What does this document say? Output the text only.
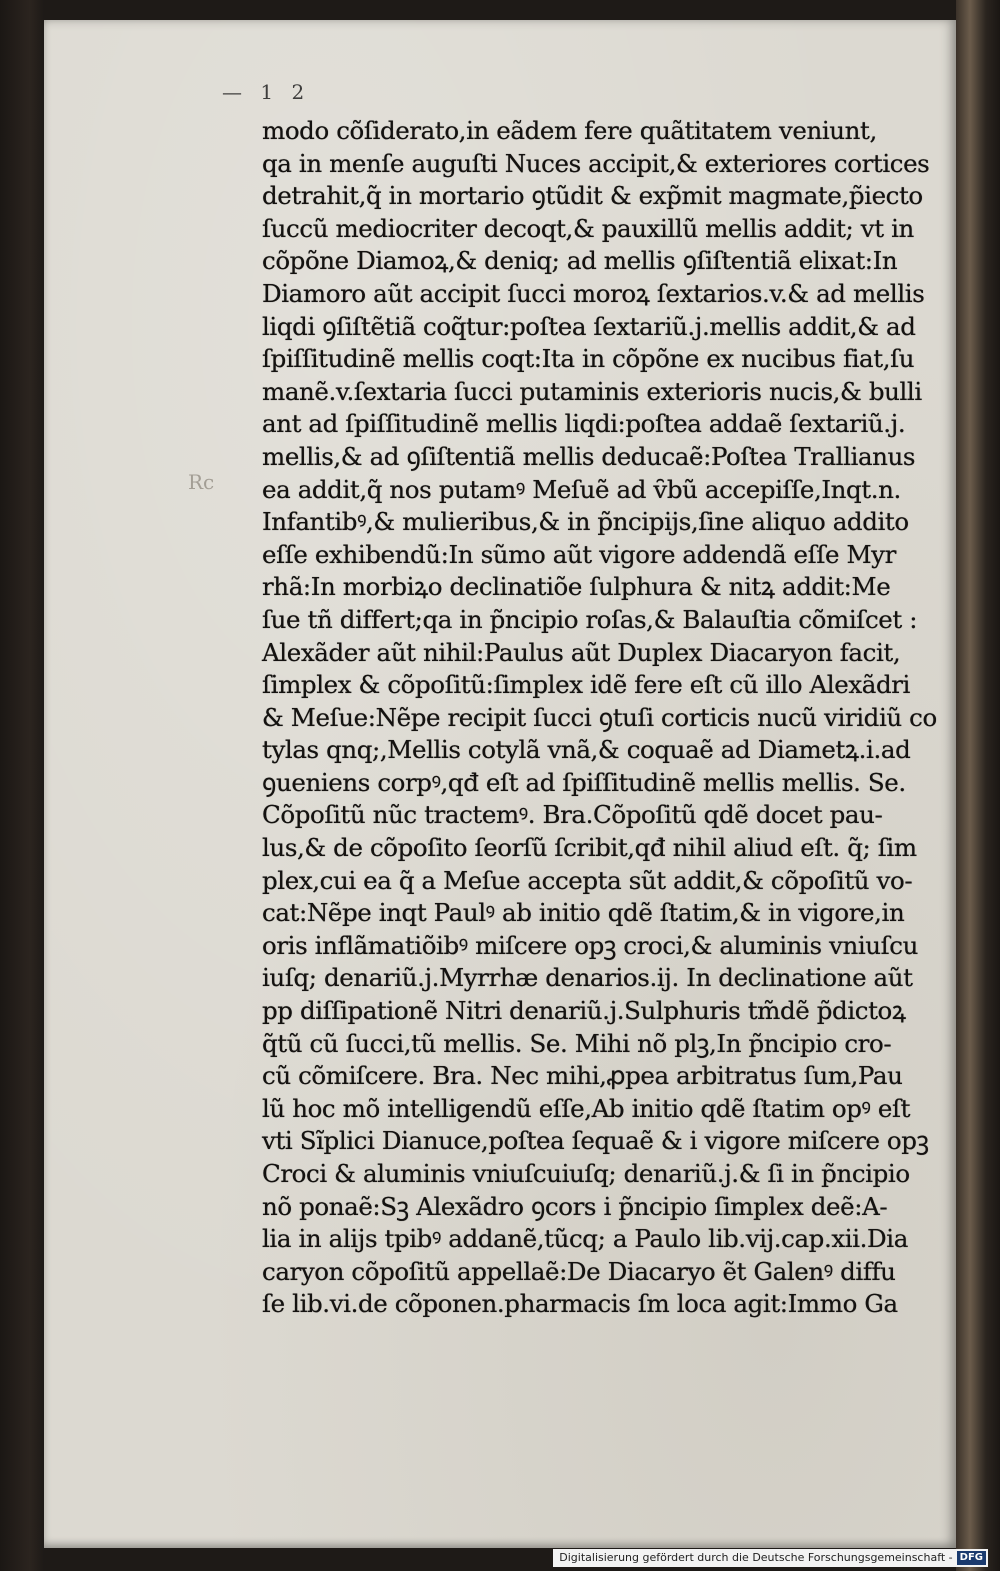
— 1 2
Rc
modo cõſiderato,in eãdem fere quãtitatem veniunt,
qa in menſe auguſti Nuces accipit,& exteriores cortices
detrahit,q̃ in mortario ꝯtũdit & exp̃mit magmate,p̃iecto
ſuccũ mediocriter decoqt,& pauxillũ mellis addit; vt in
cõpõne Diamoꝝ,& deniq; ad mellis ꝯſiſtentiã elixat:In
Diamoro aũt accipit ſucci moroꝝ ſextarios.v.& ad mellis
liqdi ꝯſiſtẽtiã coq̃tur:poſtea ſextariũ.j.mellis addit,& ad
ſpiſſitudinẽ mellis coqt:Ita in cõpõne ex nucibus fiat,ſu
manẽ.v.ſextaria ſucci putaminis exterioris nucis,& bulli
ant ad ſpiſſitudinẽ mellis liqdi:poſtea addaẽ ſextariũ.j.
mellis,& ad ꝯſiſtentiã mellis deducaẽ:Poſtea Trallianus
ea addit,q̃ nos putamꝰ Meſuẽ ad v̑bũ accepiſſe,Inqt.n.
Infantibꝰ,& mulieribus,& in p̃ncipijs,ſine aliquo addito
eſſe exhibendũ:In sũmo aũt vigore addendã eſſe Myr
rhã:In morbiꝝo declinatiõe ſulphura & nitꝝ addit:Me
ſue tñ differt;qa in p̃ncipio roſas,& Balauſtia cõmiſcet :
Alexãder aũt nihil:Paulus aũt Duplex Diacaryon facit,
ſimplex & cõpoſitũ:ſimplex idẽ fere eſt cũ illo Alexãdri
& Meſue:Nẽpe recipit ſucci ꝯtuſi corticis nucũ viridiũ co
tylas qnq;,Mellis cotylã vnã,& coquaẽ ad Diametꝝ.i.ad
ꝯueniens corpꝰ,qđ eſt ad ſpiſſitudinẽ mellis mellis. Se.
Cõpoſitũ nũc tractemꝰ. Bra.Cõpoſitũ qdẽ docet pau-
lus,& de cõpoſito ſeorſũ ſcribit,qđ nihil aliud eſt. q̃; ſim
plex,cui ea q̃ a Meſue accepta sũt addit,& cõpoſitũ vo-
cat:Nẽpe inqt Paulꝰ ab initio qdẽ ſtatim,& in vigore,in
oris inflãmatiõibꝰ miſcere opꝫ croci,& aluminis vniuſcu
iuſq; denariũ.j.Myrrhæ denarios.ij. In declinatione aũt
pp diſſipationẽ Nitri denariũ.j.Sulphuris tm̃dẽ p̃dictoꝝ
q̃tũ cũ ſucci,tũ mellis. Se. Mihi nõ plꝫ,In p̃ncipio cro-
cũ cõmiſcere. Bra. Nec mihi,ꝓpea arbitratus ſum,Pau
lũ hoc mõ intelligendũ eſſe,Ab initio qdẽ ſtatim opꝰ eſt
vti Sĩplici Dianuce,poſtea ſequaẽ & i vigore miſcere opꝫ
Croci & aluminis vniuſcuiuſq; denariũ.j.& ſi in p̃ncipio
nõ ponaẽ:Sꝫ Alexãdro ꝯcors i p̃ncipio ſimplex deẽ:A-
lia in alijs tpibꝰ addanẽ,tũcq; a Paulo lib.vij.cap.xii.Dia
caryon cõpoſitũ appellaẽ:De Diacaryo ẽt Galenꝰ diffu
ſe lib.vi.de cõponen.pharmacis ſm loca agit:Immo Ga
Digitalisierung gefördert durch die Deutsche Forschungsgemeinschaft - DFG
